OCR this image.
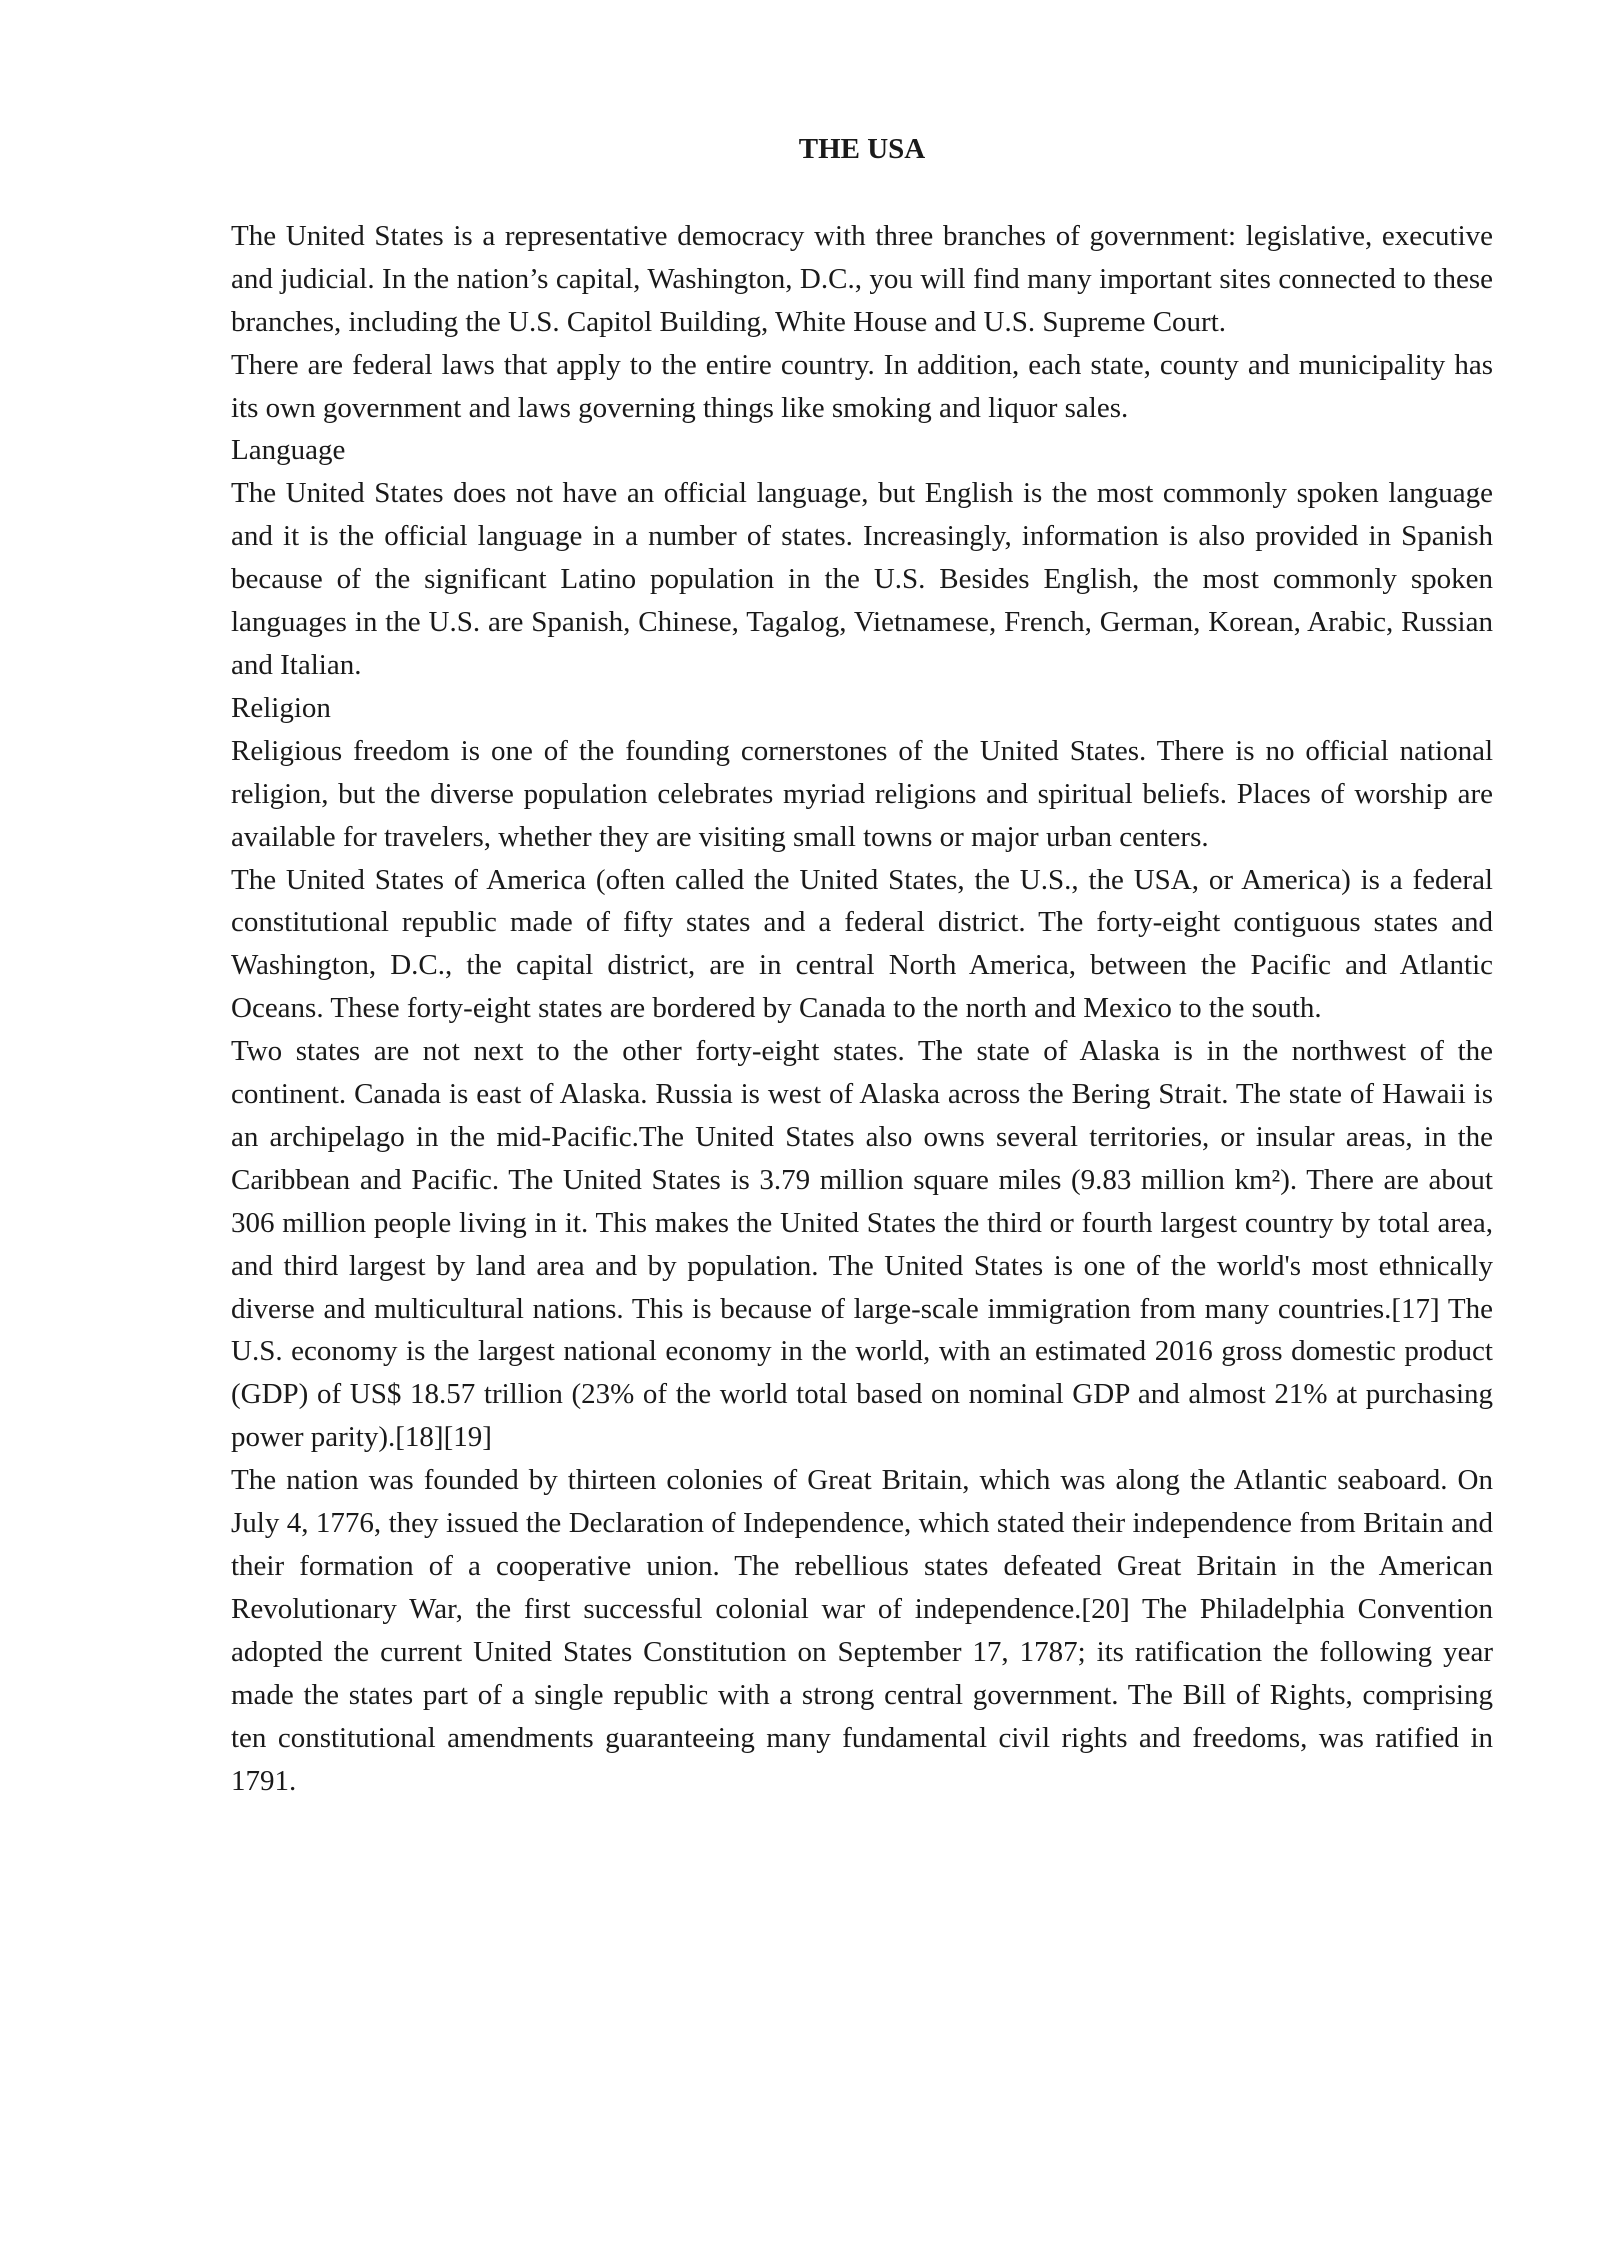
THE USA

The United States is a representative democracy with three branches of government: legislative, executive and judicial. In the nation’s capital, Washington, D.C., you will find many important sites connected to these branches, including the U.S. Capitol Building, White House and U.S. Supreme Court.

There are federal laws that apply to the entire country. In addition, each state, county and municipality has its own government and laws governing things like smoking and liquor sales.

Language

The United States does not have an official language, but English is the most commonly spoken language and it is the official language in a number of states. Increasingly, information is also provided in Spanish because of the significant Latino population in the U.S. Besides English, the most commonly spoken languages in the U.S. are Spanish, Chinese, Tagalog, Vietnamese, French, German, Korean, Arabic, Russian and Italian.

Religion

Religious freedom is one of the founding cornerstones of the United States. There is no official national religion, but the diverse population celebrates myriad religions and spiritual beliefs. Places of worship are available for travelers, whether they are visiting small towns or major urban centers.

The United States of America (often called the United States, the U.S., the USA, or America) is a federal constitutional republic made of fifty states and a federal district. The forty-eight contiguous states and Washington, D.C., the capital district, are in central North America, between the Pacific and Atlantic Oceans. These forty-eight states are bordered by Canada to the north and Mexico to the south.

Two states are not next to the other forty-eight states. The state of Alaska is in the northwest of the continent. Canada is east of Alaska. Russia is west of Alaska across the Bering Strait. The state of Hawaii is an archipelago in the mid-Pacific.The United States also owns several territories, or insular areas, in the Caribbean and Pacific. The United States is 3.79 million square miles (9.83 million km²). There are about 306 million people living in it. This makes the United States the third or fourth largest country by total area, and third largest by land area and by population. The United States is one of the world's most ethnically diverse and multicultural nations. This is because of large-scale immigration from many countries.[17] The U.S. economy is the largest national economy in the world, with an estimated 2016 gross domestic product (GDP) of US$ 18.57 trillion (23% of the world total based on nominal GDP and almost 21% at purchasing power parity).[18][19]

The nation was founded by thirteen colonies of Great Britain, which was along the Atlantic seaboard. On July 4, 1776, they issued the Declaration of Independence, which stated their independence from Britain and their formation of a cooperative union. The rebellious states defeated Great Britain in the American Revolutionary War, the first successful colonial war of independence.[20] The Philadelphia Convention adopted the current United States Constitution on September 17, 1787; its ratification the following year made the states part of a single republic with a strong central government. The Bill of Rights, comprising ten constitutional amendments guaranteeing many fundamental civil rights and freedoms, was ratified in 1791.
